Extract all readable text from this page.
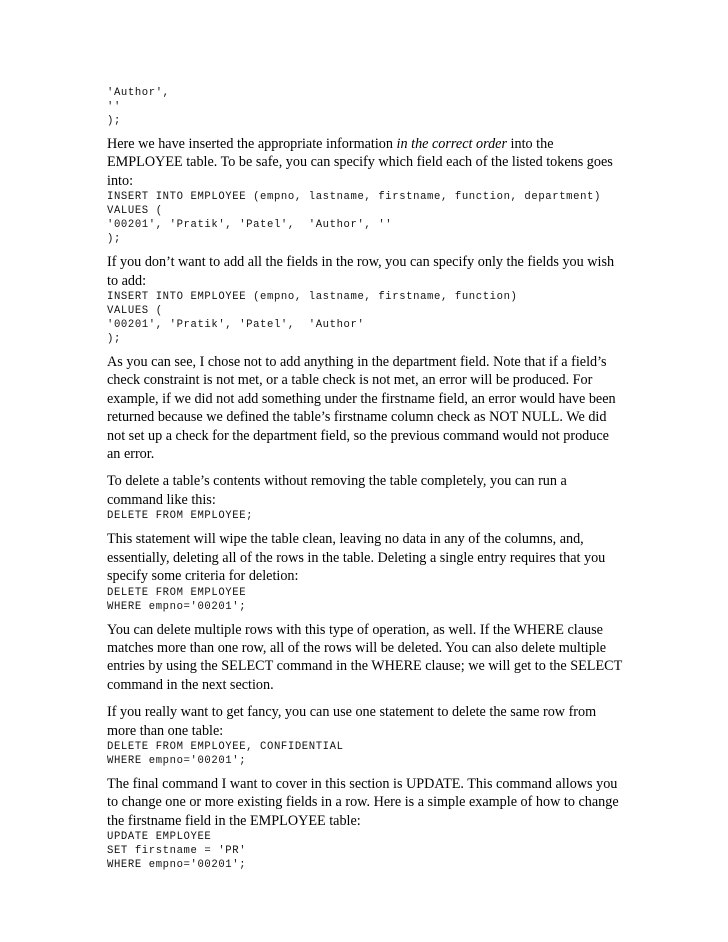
'Author',
''
);

Here we have inserted the appropriate information in the correct order into the EMPLOYEE table. To be safe, you can specify which field each of the listed tokens goes into:

INSERT INTO EMPLOYEE (empno, lastname, firstname, function, department)
VALUES (
'00201', 'Pratik', 'Patel',  'Author', ''
);

If you don’t want to add all the fields in the row, you can specify only the fields you wish to add:

INSERT INTO EMPLOYEE (empno, lastname, firstname, function)
VALUES (
'00201', 'Pratik', 'Patel',  'Author'
);

As you can see, I chose not to add anything in the department field. Note that if a field’s check constraint is not met, or a table check is not met, an error will be produced. For example, if we did not add something under the firstname field, an error would have been returned because we defined the table’s firstname column check as NOT NULL. We did not set up a check for the department field, so the previous command would not produce an error.

To delete a table’s contents without removing the table completely, you can run a command like this:

DELETE FROM EMPLOYEE;

This statement will wipe the table clean, leaving no data in any of the columns, and, essentially, deleting all of the rows in the table. Deleting a single entry requires that you specify some criteria for deletion:

DELETE FROM EMPLOYEE
WHERE empno='00201';

You can delete multiple rows with this type of operation, as well. If the WHERE clause matches more than one row, all of the rows will be deleted. You can also delete multiple entries by using the SELECT command in the WHERE clause; we will get to the SELECT command in the next section.

If you really want to get fancy, you can use one statement to delete the same row from more than one table:

DELETE FROM EMPLOYEE, CONFIDENTIAL
WHERE empno='00201';

The final command I want to cover in this section is UPDATE. This command allows you to change one or more existing fields in a row. Here is a simple example of how to change the firstname field in the EMPLOYEE table:

UPDATE EMPLOYEE
SET firstname = 'PR'
WHERE empno='00201';
